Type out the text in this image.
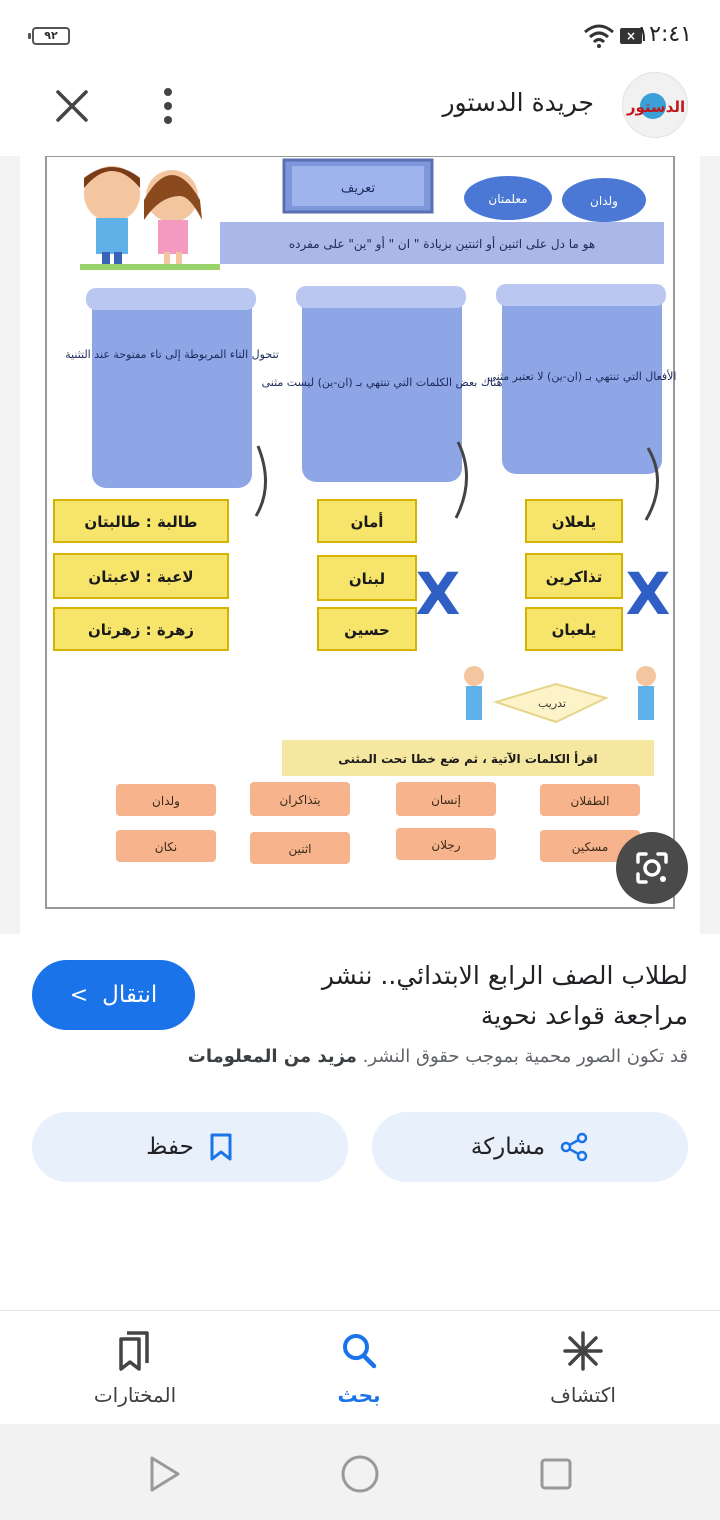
٩٢	× ١٢:٤١
جريدة الدستور الدستور
تعريف
معلمتان	ولدان
هو ما دل على اثنين أو اثنتين بزيادة " ان " أو "ين" على مفرده
تتحول التاء المربوطة إلى تاء مفتوحة عند التثنية
هناك بعض الكلمات التي تنتهي بـ (ان-ين) ليست مثنى
الأفعال التي تنتهي بـ (ان-ين) لا تعتبر مثنى
طالبة : طالبتان
لاعبة : لاعبتان
زهرة : زهرتان
أمان
لبنان
حسين
يلعلان
تذاكرين
يلعبان
X	X
تدريب
اقرأ الكلمات الآتية ، ثم ضع خطا تحت المثنى
الطفلان
إنسان
يتذاكران
ولدان
مسكين
رجلان
اثنين
نكان
لطلاب الصف الرابع الابتدائي.. ننشر مراجعة قواعد نحوية
< انتقال
قد تكون الصور محمية بموجب حقوق النشر. مزيد من المعلومات
مشاركة
حفظ
المختارات	بحث	اكتشاف
